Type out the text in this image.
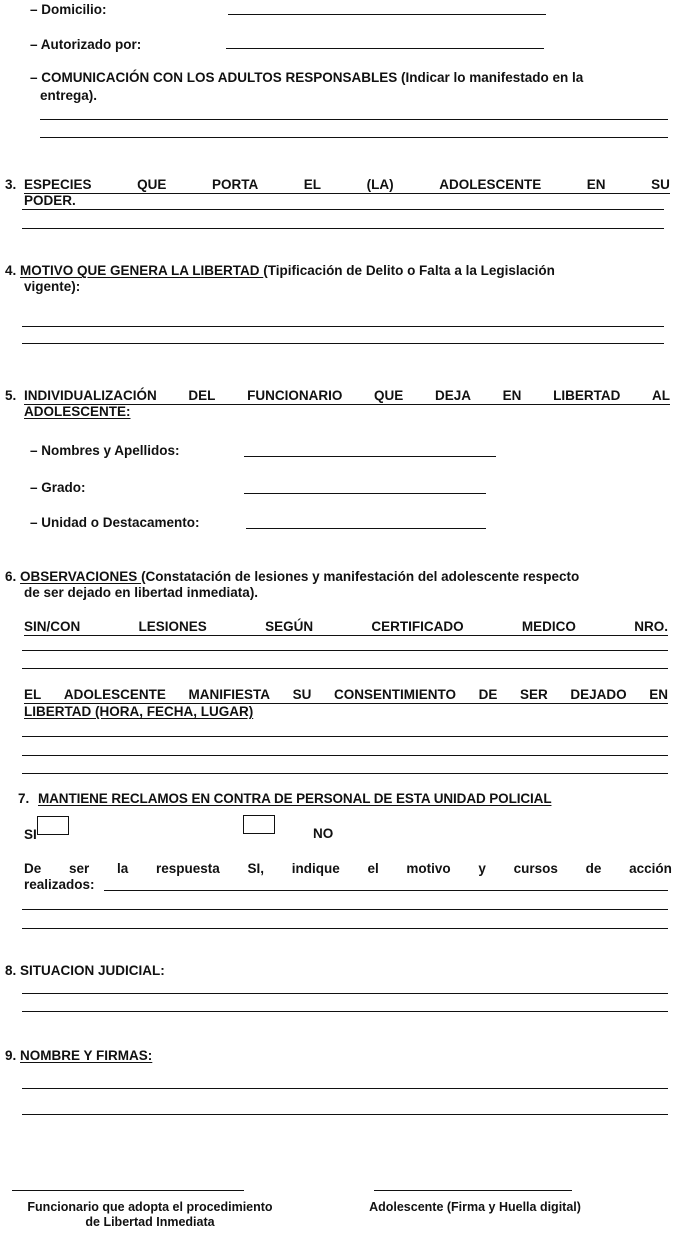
– Domicilio:
– Autorizado por:
– COMUNICACIÓN CON LOS ADULTOS RESPONSABLES (Indicar lo manifestado en la
entrega).
3. ESPECIES	QUE	PORTA	EL	(LA)	ADOLESCENTE	EN	SU
PODER.
4. MOTIVO QUE GENERA LA LIBERTAD (Tipificación de Delito o Falta a la Legislación
vigente):
5. INDIVIDUALIZACIÓN DEL FUNCIONARIO QUE DEJA EN LIBERTAD AL
ADOLESCENTE:
– Nombres y Apellidos:
– Grado:
– Unidad o Destacamento:
6. OBSERVACIONES (Constatación de lesiones y manifestación del adolescente respecto
de ser dejado en libertad inmediata).
SIN/CON	LESIONES	SEGÚN	CERTIFICADO	MEDICO	NRO.
EL ADOLESCENTE MANIFIESTA SU CONSENTIMIENTO DE SER DEJADO EN
LIBERTAD (HORA, FECHA, LUGAR)
7. MANTIENE RECLAMOS EN CONTRA DE PERSONAL DE ESTA UNIDAD POLICIAL
SI	NO
De ser la respuesta SI, indique el motivo y cursos de acción
realizados:
8. SITUACION JUDICIAL:
9. NOMBRE Y FIRMAS:
Funcionario que adopta el procedimiento
de Libertad Inmediata
Adolescente (Firma y Huella digital)
